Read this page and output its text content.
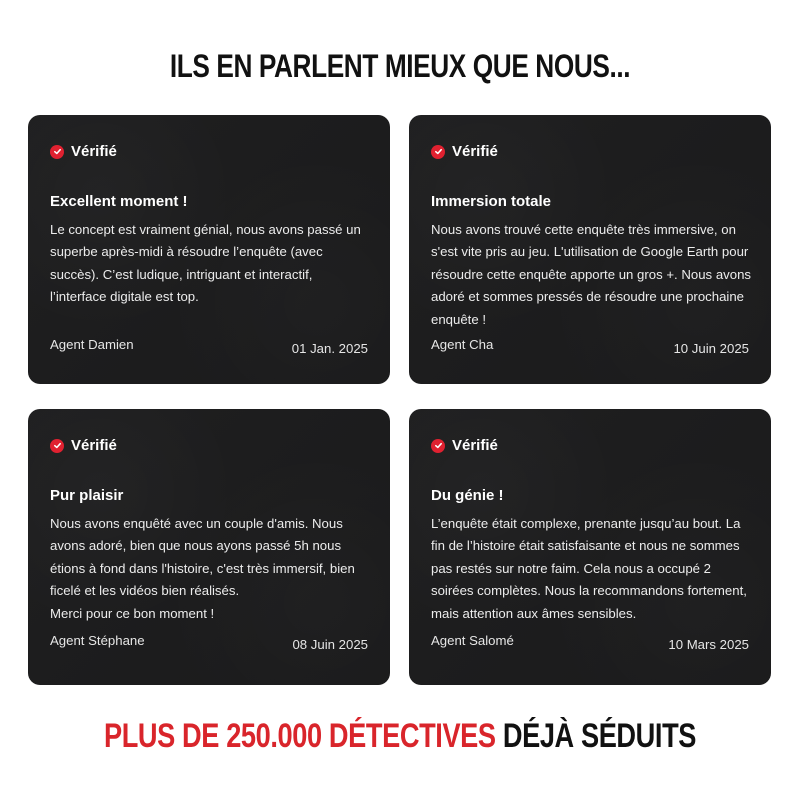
ILS EN PARLENT MIEUX QUE NOUS...
Vérifié
Excellent moment !
Le concept est vraiment génial, nous avons passé un superbe après-midi à résoudre l’enquête (avec succès). C’est ludique, intriguant et interactif, l’interface digitale est top.
Agent Damien	01 Jan. 2025
Vérifié
Immersion totale
Nous avons trouvé cette enquête très immersive, on s'est vite pris au jeu. L'utilisation de Google Earth pour résoudre cette enquête apporte un gros +. Nous avons adoré et sommes pressés de résoudre une prochaine enquête !
Agent Cha	10 Juin 2025
Vérifié
Pur plaisir
Nous avons enquêté avec un couple d'amis. Nous avons adoré, bien que nous ayons passé 5h nous étions à fond dans l'histoire, c'est très immersif, bien ficelé et les vidéos bien réalisés.
Merci pour ce bon moment !
Agent Stéphane	08 Juin 2025
Vérifié
Du génie !
L’enquête était complexe, prenante jusqu’au bout. La fin de l’histoire était satisfaisante et nous ne sommes pas restés sur notre faim. Cela nous a occupé 2 soirées complètes. Nous la recommandons fortement, mais attention aux âmes sensibles.
Agent Salomé	10 Mars 2025
PLUS DE 250.000 DÉTECTIVES DÉJÀ SÉDUITS
